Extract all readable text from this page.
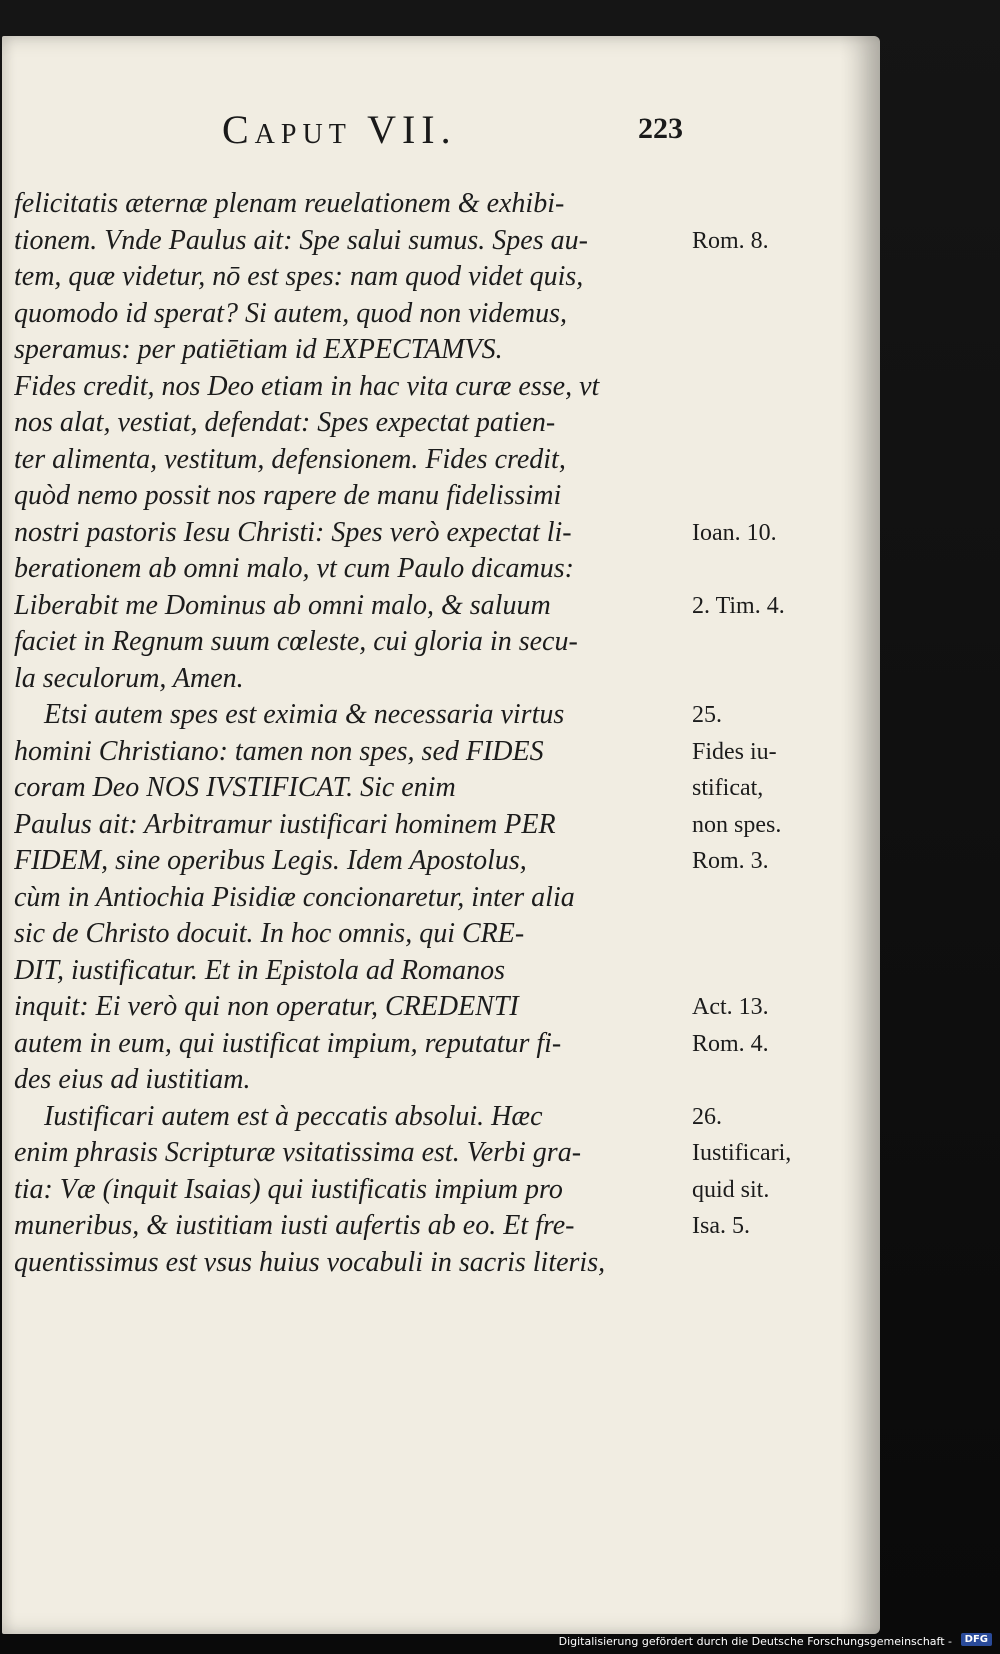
Caput VII.	223
felicitatis æternæ plenam reuelationem & exhibi-
tionem. Vnde Paulus ait: Spe salui sumus. Spes au-
tem, quæ videtur, nō est spes: nam quod videt quis,
quomodo id sperat? Si autem, quod non videmus,
speramus: per patiētiam id EXPECTAMVS.
Fides credit, nos Deo etiam in hac vita curæ esse, vt
nos alat, vestiat, defendat: Spes expectat patien-
ter alimenta, vestitum, defensionem. Fides credit,
quòd nemo possit nos rapere de manu fidelissimi
nostri pastoris Iesu Christi: Spes verò expectat li-
berationem ab omni malo, vt cum Paulo dicamus:
Liberabit me Dominus ab omni malo, & saluum
faciet in Regnum suum cœleste, cui gloria in secu-
la seculorum, Amen.
Etsi autem spes est eximia & necessaria virtus
homini Christiano: tamen non spes, sed FIDES
coram Deo NOS IVSTIFICAT. Sic enim
Paulus ait: Arbitramur iustificari hominem PER
FIDEM, sine operibus Legis. Idem Apostolus,
cùm in Antiochia Pisidiæ concionaretur, inter alia
sic de Christo docuit. In hoc omnis, qui CRE-
DIT, iustificatur. Et in Epistola ad Romanos
inquit: Ei verò qui non operatur, CREDENTI
autem in eum, qui iustificat impium, reputatur fi-
des eius ad iustitiam.
Iustificari autem est à peccatis absolui. Hæc
enim phrasis Scripturæ vsitatissima est. Verbi gra-
tia: Væ (inquit Isaias) qui iustificatis impium pro
muneribus, & iustitiam iusti aufertis ab eo. Et fre-
quentissimus est vsus huius vocabuli in sacris literis,
Rom. 8.
Ioan. 10.
2. Tim. 4.
25.
Fides iu-
stificat,
non spes.
Rom. 3.
Act. 13.
Rom. 4.
26.
Iustificari,
quid sit.
Isa. 5.
Digitalisierung gefördert durch die Deutsche Forschungsgemeinschaft -	DFG
